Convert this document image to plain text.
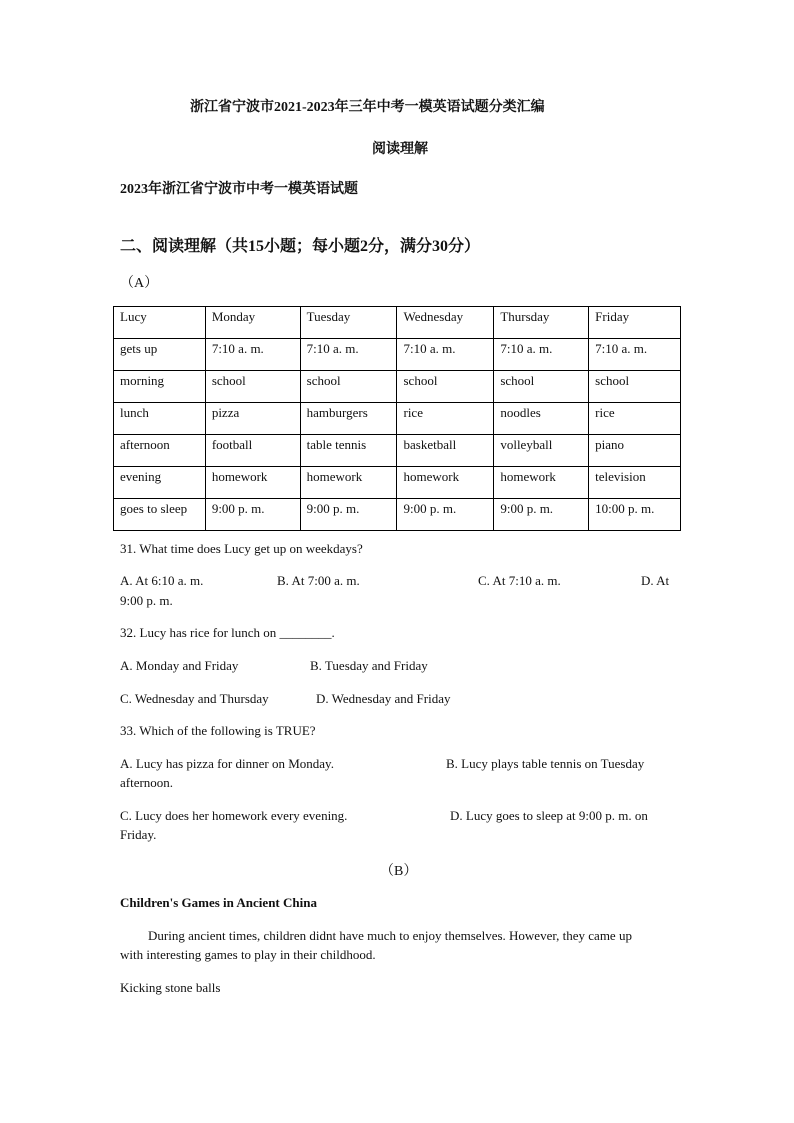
浙江省宁波市2021-2023年三年中考一模英语试题分类汇编
阅读理解
2023年浙江省宁波市中考一模英语试题
二、阅读理解（共15小题；每小题2分，满分30分）
（A）
Lucy	Monday	Tuesday	Wednesday	Thursday	Friday
gets up	7:10 a. m.	7:10 a. m.	7:10 a. m.	7:10 a. m.	7:10 a. m.
morning	school	school	school	school	school
lunch	pizza	hamburgers	rice	noodles	rice
afternoon	football	table tennis	basketball	volleyball	piano
evening	homework	homework	homework	homework	television
goes to sleep	9:00 p. m.	9:00 p. m.	9:00 p. m.	9:00 p. m.	10:00 p. m.
31. What time does Lucy get up on weekdays?
A. At 6:10 a. m.	B. At 7:00 a. m.	C. At 7:10 a. m.	D. At
9:00 p. m.
32. Lucy has rice for lunch on ________.
A. Monday and Friday	B. Tuesday and Friday
C. Wednesday and Thursday	D. Wednesday and Friday
33. Which of the following is TRUE?
A. Lucy has pizza for dinner on Monday.	B. Lucy plays table tennis on Tuesday
afternoon.
C. Lucy does her homework every evening.	D. Lucy goes to sleep at 9:00 p. m. on
Friday.
（B）
Children's Games in Ancient China
During ancient times, children didnt have much to enjoy themselves. However, they came up
with interesting games to play in their childhood.
Kicking stone balls
